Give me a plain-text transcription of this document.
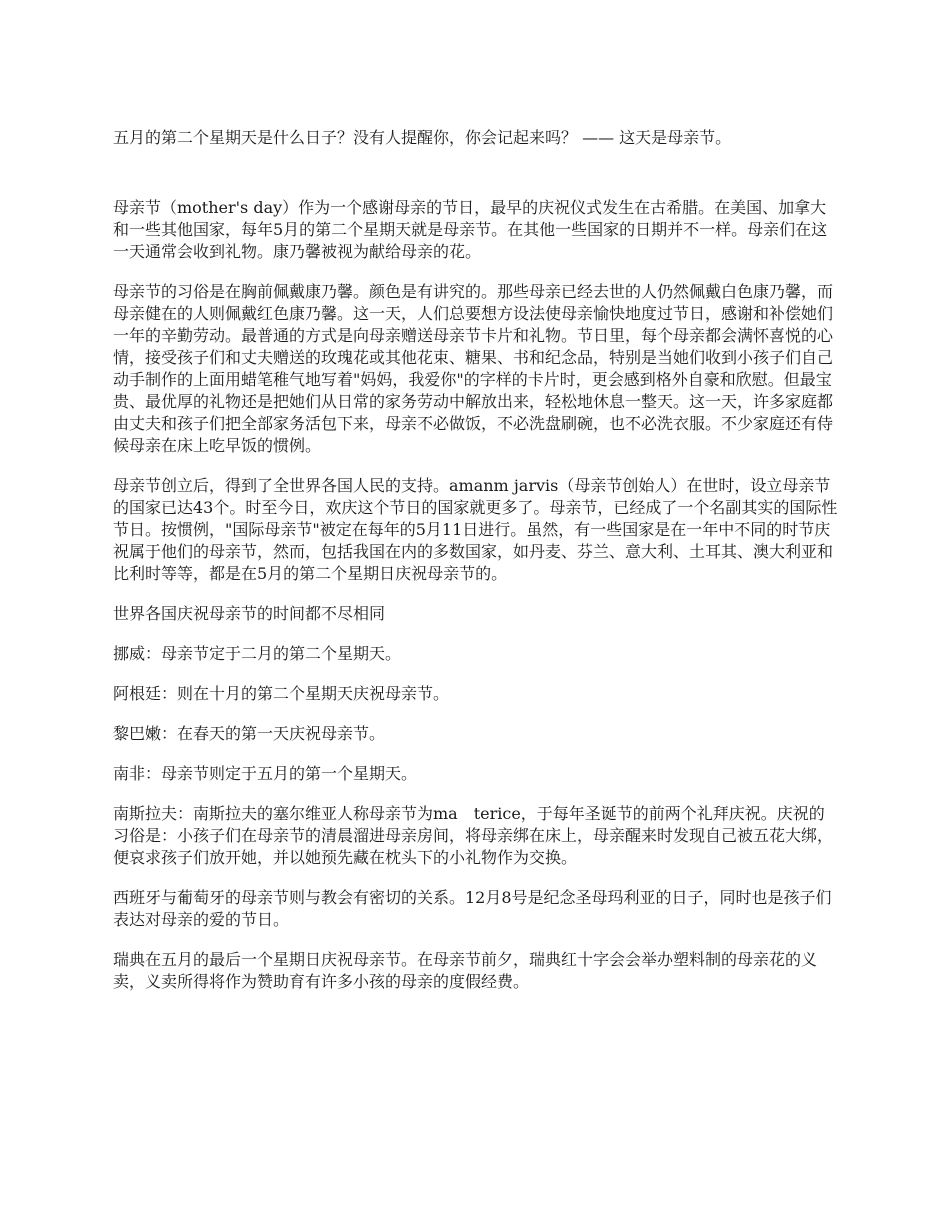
五月的第二个星期天是什么日子？没有人提醒你，你会记起来吗？ —— 这天是母亲节。

母亲节（mother's day）作为一个感谢母亲的节日，最早的庆祝仪式发生在古希腊。在美国、加拿大和一些其他国家，每年5月的第二个星期天就是母亲节。在其他一些国家的日期并不一样。母亲们在这一天通常会收到礼物。康乃馨被视为献给母亲的花。

母亲节的习俗是在胸前佩戴康乃馨。颜色是有讲究的。那些母亲已经去世的人仍然佩戴白色康乃馨，而母亲健在的人则佩戴红色康乃馨。这一天，人们总要想方设法使母亲愉快地度过节日，感谢和补偿她们一年的辛勤劳动。最普通的方式是向母亲赠送母亲节卡片和礼物。节日里，每个母亲都会满怀喜悦的心情，接受孩子们和丈夫赠送的玫瑰花或其他花束、糖果、书和纪念品，特别是当她们收到小孩子们自己动手制作的上面用蜡笔稚气地写着"妈妈，我爱你"的字样的卡片时，更会感到格外自豪和欣慰。但最宝贵、最优厚的礼物还是把她们从日常的家务劳动中解放出来，轻松地休息一整天。这一天，许多家庭都由丈夫和孩子们把全部家务活包下来，母亲不必做饭，不必洗盘刷碗，也不必洗衣服。不少家庭还有侍候母亲在床上吃早饭的惯例。

母亲节创立后，得到了全世界各国人民的支持。amanm jarvis（母亲节创始人）在世时，设立母亲节的国家已达43个。时至今日，欢庆这个节日的国家就更多了。母亲节，已经成了一个名副其实的国际性节日。按惯例，"国际母亲节"被定在每年的5月11日进行。虽然，有一些国家是在一年中不同的时节庆祝属于他们的母亲节，然而，包括我国在内的多数国家，如丹麦、芬兰、意大利、土耳其、澳大利亚和比利时等等，都是在5月的第二个星期日庆祝母亲节的。

世界各国庆祝母亲节的时间都不尽相同

挪威：母亲节定于二月的第二个星期天。

阿根廷：则在十月的第二个星期天庆祝母亲节。

黎巴嫩：在春天的第一天庆祝母亲节。

南非：母亲节则定于五月的第一个星期天。

南斯拉夫：南斯拉夫的塞尔维亚人称母亲节为ma　terice，于每年圣诞节的前两个礼拜庆祝。庆祝的习俗是：小孩子们在母亲节的清晨溜进母亲房间，将母亲绑在床上，母亲醒来时发现自己被五花大绑，便哀求孩子们放开她，并以她预先藏在枕头下的小礼物作为交换。

西班牙与葡萄牙的母亲节则与教会有密切的关系。12月8号是纪念圣母玛利亚的日子，同时也是孩子们表达对母亲的爱的节日。

瑞典在五月的最后一个星期日庆祝母亲节。在母亲节前夕，瑞典红十字会会举办塑料制的母亲花的义卖，义卖所得将作为赞助育有许多小孩的母亲的度假经费。
